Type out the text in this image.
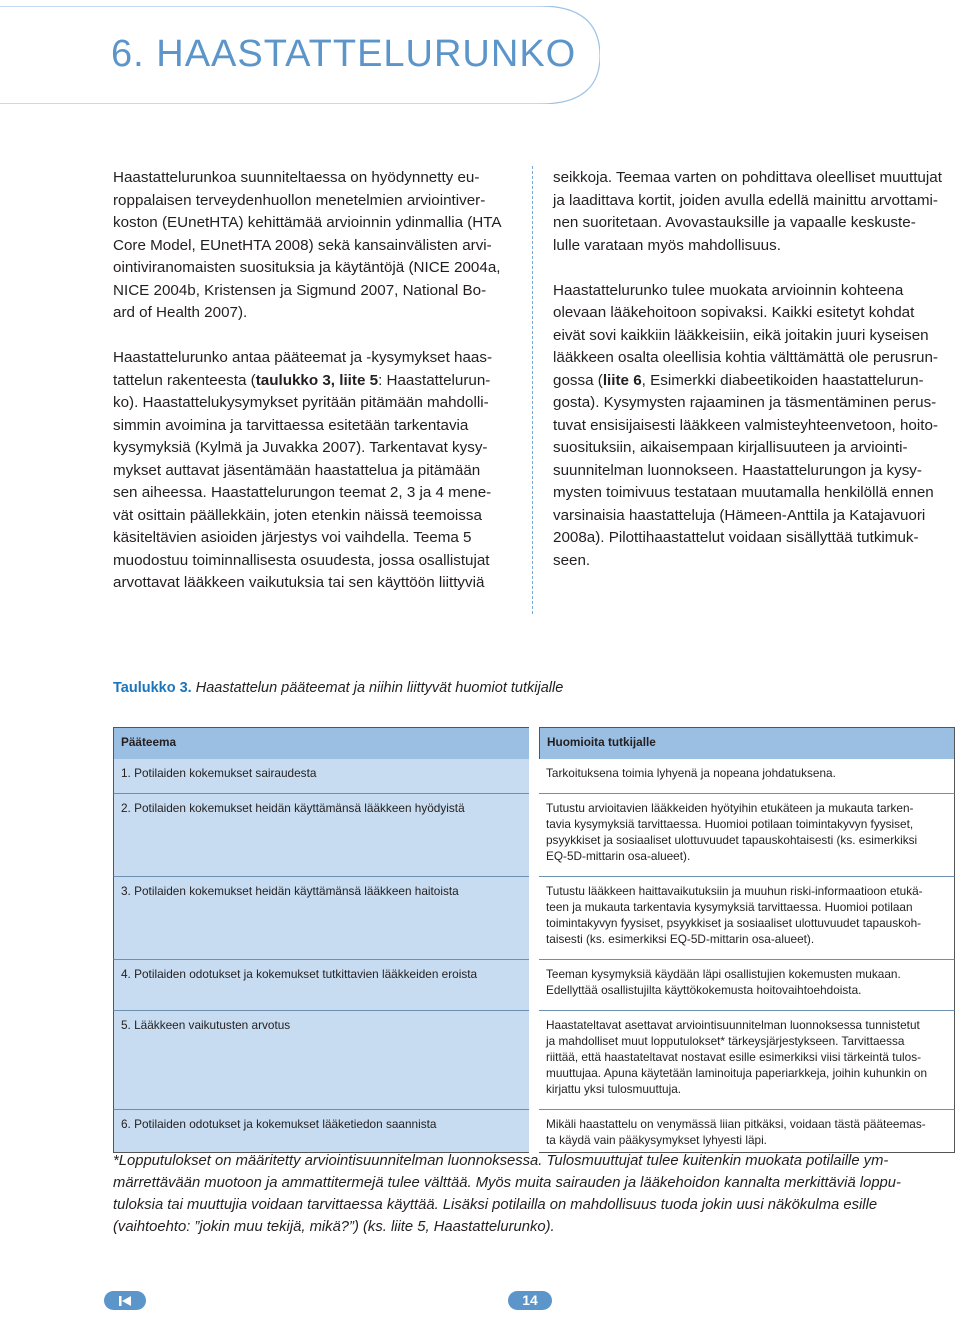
6. HAASTATTELURUNKO

Haastattelurunkoa suunniteltaessa on hyödynnetty eu-
roppalaisen terveydenhuollon menetelmien arviointiver-
koston (EUnetHTA) kehittämää arvioinnin ydinmallia (HTA
Core Model, EUnetHTA 2008) sekä kansainvälisten arvi-
ointiviranomaisten suosituksia ja käytäntöjä (NICE 2004a,
NICE 2004b, Kristensen ja Sigmund 2007, National Bo-
ard of Health 2007).

Haastattelurunko antaa pääteemat ja -kysymykset haas-
tattelun rakenteesta (taulukko 3, liite 5: Haastattelurun-
ko). Haastattelukysymykset pyritään pitämään mahdolli-
simmin avoimina ja tarvittaessa esitetään tarkentavia
kysymyksiä (Kylmä ja Juvakka 2007). Tarkentavat kysy-
mykset auttavat jäsentämään haastattelua ja pitämään
sen aiheessa. Haastattelurungon teemat 2, 3 ja 4 mene-
vät osittain päällekkäin, joten etenkin näissä teemoissa
käsiteltävien asioiden järjestys voi vaihdella. Teema 5
muodostuu toiminnallisesta osuudesta, jossa osallistujat
arvottavat lääkkeen vaikutuksia tai sen käyttöön liittyviä

seikkoja. Teemaa varten on pohdittava oleelliset muuttujat
ja laadittava kortit, joiden avulla edellä mainittu arvottami-
nen suoritetaan. Avovastauksille ja vapaalle keskuste-
lulle varataan myös mahdollisuus.

Haastattelurunko tulee muokata arvioinnin kohteena
olevaan lääkehoitoon sopivaksi. Kaikki esitetyt kohdat
eivät sovi kaikkiin lääkkeisiin, eikä joitakin juuri kyseisen
lääkkeen osalta oleellisia kohtia välttämättä ole perusrun-
gossa (liite 6, Esimerkki diabeetikoiden haastattelurun-
gosta). Kysymysten rajaaminen ja täsmentäminen perus-
tuvat ensisijaisesti lääkkeen valmisteyhteenvetoon, hoito-
suosituksiin, aikaisempaan kirjallisuuteen ja arviointi-
suunnitelman luonnokseen. Haastattelurungon ja kysy-
mysten toimivuus testataan muutamalla henkilöllä ennen
varsinaisia haastatteluja (Hämeen-Anttila ja Katajavuori
2008a). Pilottihaastattelut voidaan sisällyttää tutkimuk-
seen.

Taulukko 3. Haastattelun pääteemat ja niihin liittyvät huomiot tutkijalle
Pääteema		Huomioita tutkijalle
1. Potilaiden kokemukset sairaudesta		Tarkoituksena toimia lyhyenä ja nopeana johdatuksena.

2. Potilaiden kokemukset heidän käyttämänsä lääkkeen hyödyistä		Tutustu arvioitavien lääkkeiden hyötyihin etukäteen ja mukauta tarken-
tavia kysymyksiä tarvittaessa. Huomioi potilaan toimintakyvyn fyysiset,
psyykkiset ja sosiaaliset ulottuvuudet tapauskohtaisesti (ks. esimerkiksi
EQ-5D-mittarin osa-alueet).

3. Potilaiden kokemukset heidän käyttämänsä lääkkeen haitoista		Tutustu lääkkeen haittavaikutuksiin ja muuhun riski-informaatioon etukä-
teen ja mukauta tarkentavia kysymyksiä tarvittaessa. Huomioi potilaan
toimintakyvyn fyysiset, psyykkiset ja sosiaaliset ulottuvuudet tapauskoh-
taisesti (ks. esimerkiksi EQ-5D-mittarin osa-alueet).

4. Potilaiden odotukset ja kokemukset tutkittavien lääkkeiden eroista		Teeman kysymyksiä käydään läpi osallistujien kokemusten mukaan.
Edellyttää osallistujilta käyttökokemusta hoitovaihtoehdoista.

5. Lääkkeen vaikutusten arvotus		Haastateltavat asettavat arviointisuunnitelman luonnoksessa tunnistetut
ja mahdolliset muut lopputulokset* tärkeysjärjestykseen. Tarvittaessa
riittää, että haastateltavat nostavat esille esimerkiksi viisi tärkeintä tulos-
muuttujaa. Apuna käytetään laminoituja paperiarkkeja, joihin kuhunkin on
kirjattu yksi tulosmuuttuja.

6. Potilaiden odotukset ja kokemukset lääketiedon saannista		Mikäli haastattelu on venymässä liian pitkäksi, voidaan tästä pääteemas-
ta käydä vain pääkysymykset lyhyesti läpi.

*Lopputulokset on määritetty arviointisuunnitelman luonnoksessa. Tulosmuuttujat tulee kuitenkin muokata potilaille ym-
märrettävään muotoon ja ammattitermejä tulee välttää. Myös muita sairauden ja lääkehoidon kannalta merkittäviä loppu-
tuloksia tai muuttujia voidaan tarvittaessa käyttää. Lisäksi potilailla on mahdollisuus tuoda jokin uusi näkökulma esille
(vaihtoehto: ”jokin muu tekijä, mikä?”) (ks. liite 5, Haastattelurunko).

14
